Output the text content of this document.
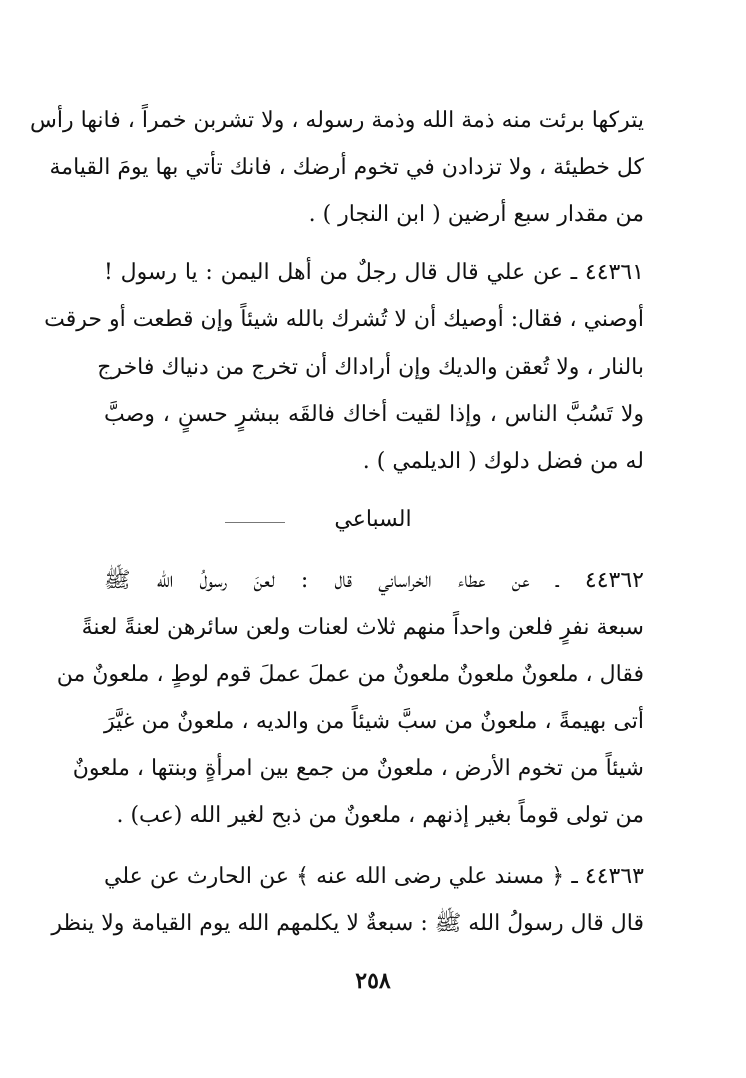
يتركها برئت منه ذمة الله وذمة رسوله ، ولا تشربن خمراً ، فانها رأس
كل خطيئة ، ولا تزدادن في تخوم أرضك ، فانك تأتي بها يومَ القيامة
من مقدار سبع أرضين ( ابن النجار ) .
٤٤٣٦١ ـ عن علي قال قال رجلٌ من أهل اليمن : يا رسول !
أوصني ، فقال: أوصيك أن لا تُشرك بالله شيئاً وإن قطعت أو حرقت
بالنار ، ولا تُعقن والديك وإن أراداك أن تخرج من دنياك فاخرج
ولا تَسُبَّ الناس ، وإذا لقيت أخاك فالقَه ببشرٍ حسنٍ ، وصبَّ
له من فضل دلوك ( الديلمي ) .
السباعي
٤٤٣٦٢ ـ عن عطاء الخراساني قال : لعنَ رسولُ الله ﷺ
سبعة نفرٍ فلعن واحداً منهم ثلاث لعنات ولعن سائرهن لعنةً لعنةً
فقال ، ملعونٌ ملعونٌ ملعونٌ من عملَ عملَ قوم لوطٍ ، ملعونٌ من
أتى بهيمةً ، ملعونٌ من سبَّ شيئاً من والديه ، ملعونٌ من غيَّرَ
شيئاً من تخوم الأرض ، ملعونٌ من جمع بين امرأةٍ وبنتها ، ملعونٌ
من تولى قوماً بغير إذنهم ، ملعونٌ من ذبح لغير الله (عب) .
٤٤٣٦٣ ـ ﴿ مسند علي رضى الله عنه ﴾ عن الحارث عن علي
قال قال رسولُ الله ﷺ : سبعةٌ لا يكلمهم الله يوم القيامة ولا ينظر
٢٥٨
